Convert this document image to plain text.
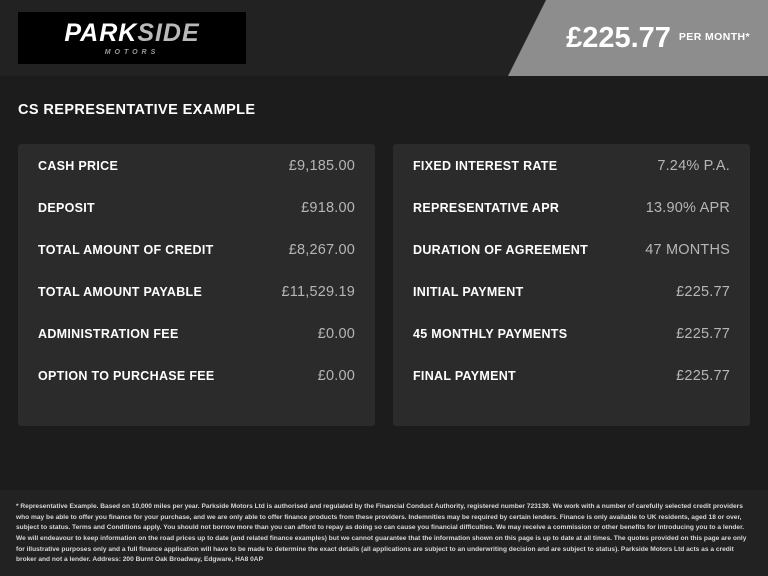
PARKSIDE
MOTORS	£225.77 PER MONTH*
CS REPRESENTATIVE EXAMPLE
CASH PRICE	£9,185.00
DEPOSIT	£918.00
TOTAL AMOUNT OF CREDIT	£8,267.00
TOTAL AMOUNT PAYABLE	£11,529.19
ADMINISTRATION FEE	£0.00
OPTION TO PURCHASE FEE	£0.00
FIXED INTEREST RATE	7.24% P.A.
REPRESENTATIVE APR	13.90% APR
DURATION OF AGREEMENT	47 MONTHS
INITIAL PAYMENT	£225.77
45 MONTHLY PAYMENTS	£225.77
FINAL PAYMENT	£225.77

* Representative Example. Based on 10,000 miles per year. Parkside Motors Ltd is authorised and regulated by the Financial Conduct Authority, registered number 723139. We work with a number of carefully selected credit providers who may be able to offer you finance for your purchase, and we are only able to offer finance products from these providers. Indemnities may be required by certain lenders. Finance is only available to UK residents, aged 18 or over, subject to status. Terms and Conditions apply. You should not borrow more than you can afford to repay as doing so can cause you financial difficulties. We may receive a commission or other benefits for introducing you to a lender. We will endeavour to keep information on the road prices up to date (and related finance examples) but we cannot guarantee that the information shown on this page is up to date at all times. The quotes provided on this page are only for illustrative purposes only and a full finance application will have to be made to determine the exact details (all applications are subject to an underwriting decision and are subject to status). Parkside Motors Ltd acts as a credit broker and not a lender. Address: 200 Burnt Oak Broadway, Edgware, HA8 0AP
